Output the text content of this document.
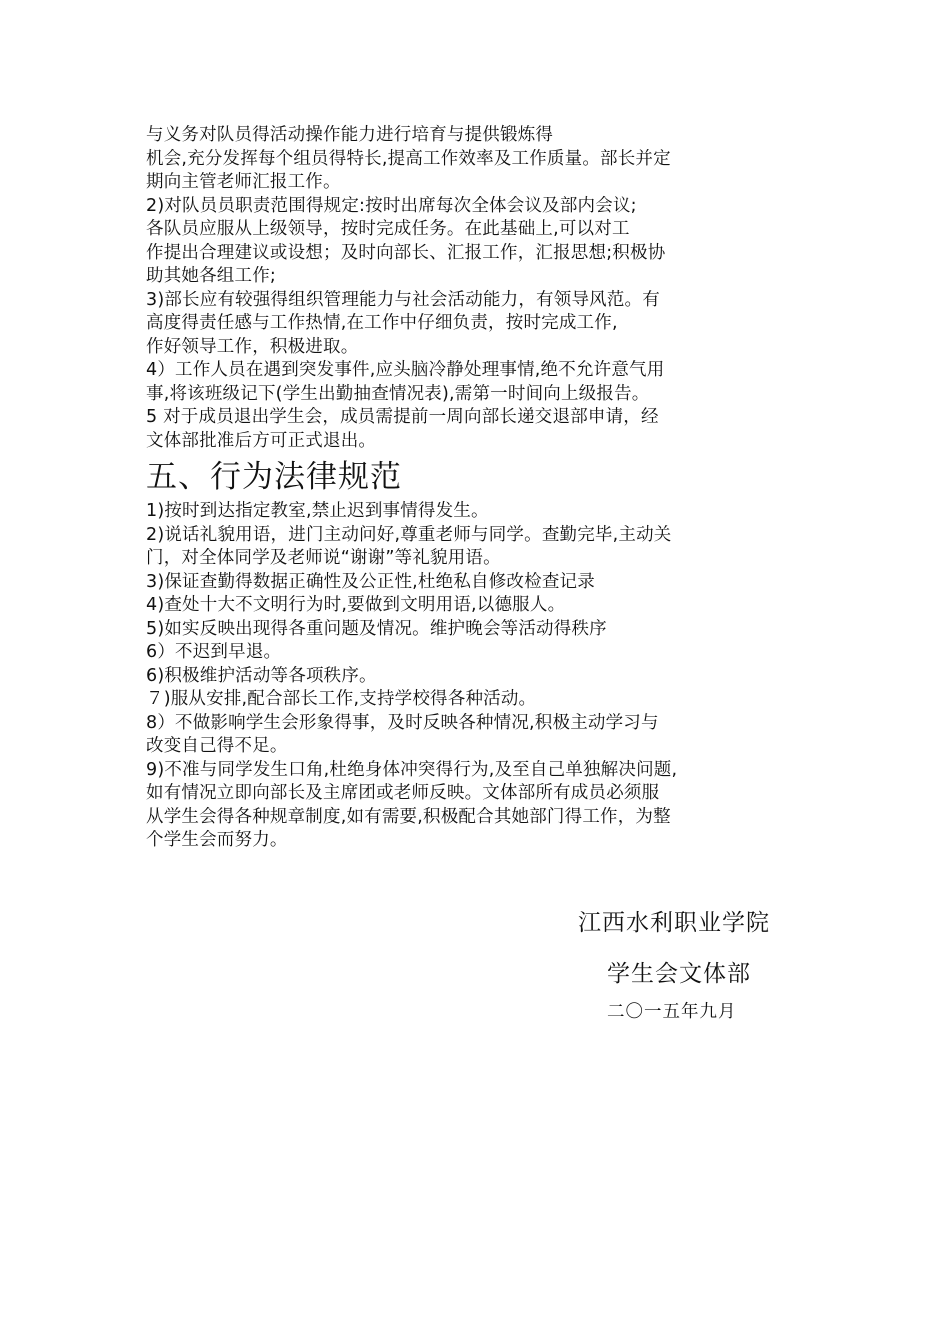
与义务对队员得活动操作能力进行培育与提供锻炼得
机会,充分发挥每个组员得特长,提高工作效率及工作质量。部长并定
期向主管老师汇报工作。
2)对队员员职责范围得规定:按时出席每次全体会议及部内会议;
各队员应服从上级领导，按时完成任务。在此基础上,可以对工
作提出合理建议或设想；及时向部长、汇报工作，汇报思想;积极协
助其她各组工作;
3)部长应有较强得组织管理能力与社会活动能力，有领导风范。有
高度得责任感与工作热情,在工作中仔细负责，按时完成工作,
作好领导工作，积极进取。
4）工作人员在遇到突发事件,应头脑冷静处理事情,绝不允许意气用
事,将该班级记下(学生出勤抽查情况表),需第一时间向上级报告。
5 对于成员退出学生会，成员需提前一周向部长递交退部申请，经
文体部批准后方可正式退出。
五、行为法律规范
1)按时到达指定教室,禁止迟到事情得发生。
2)说话礼貌用语，进门主动问好,尊重老师与同学。查勤完毕,主动关
门，对全体同学及老师说“谢谢”等礼貌用语。
3)保证查勤得数据正确性及公正性,杜绝私自修改检查记录
4)查处十大不文明行为时,要做到文明用语,以德服人。
5)如实反映出现得各重问题及情况。维护晚会等活动得秩序
6）不迟到早退。
6)积极维护活动等各项秩序。
７)服从安排,配合部长工作,支持学校得各种活动。
8）不做影响学生会形象得事，及时反映各种情况,积极主动学习与
改变自己得不足。
9)不准与同学发生口角,杜绝身体冲突得行为,及至自己单独解决问题,
如有情况立即向部长及主席团或老师反映。文体部所有成员必须服
从学生会得各种规章制度,如有需要,积极配合其她部门得工作，为整
个学生会而努力。
江西水利职业学院
学生会文体部
二〇一五年九月
